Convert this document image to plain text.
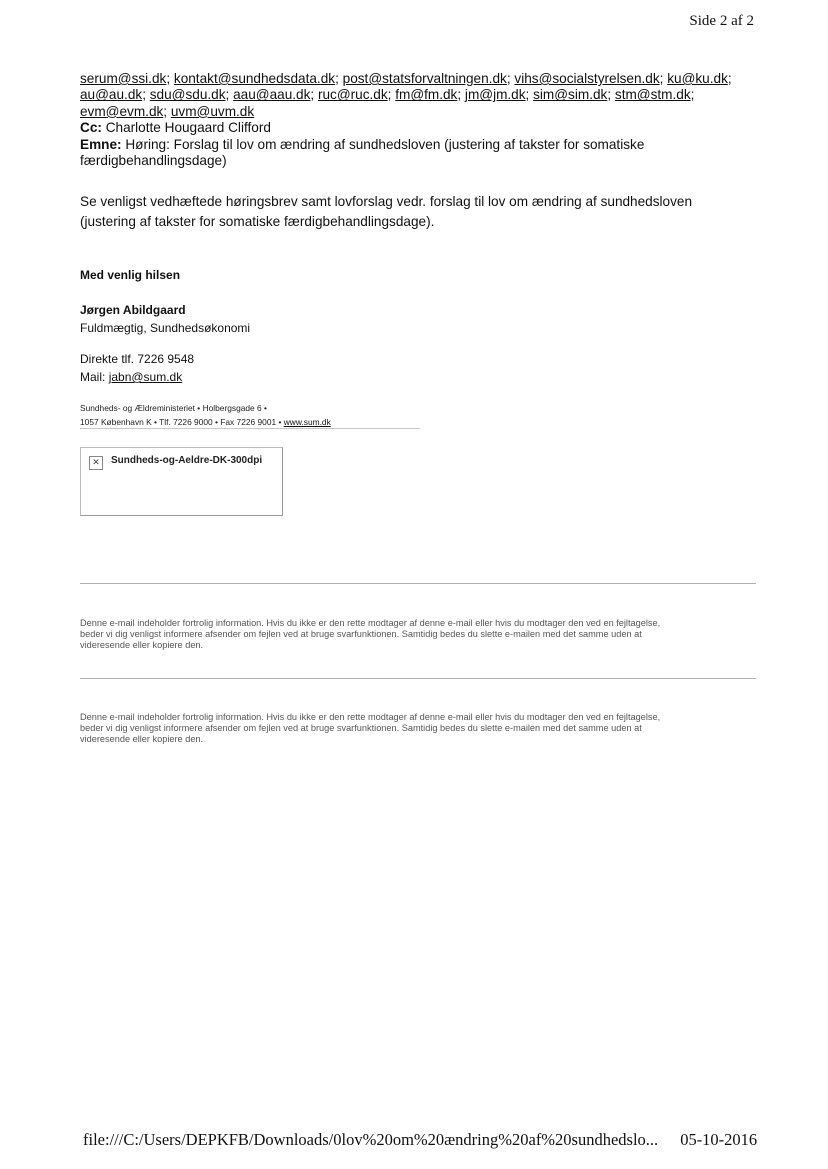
Side 2 af 2
serum@ssi.dk; kontakt@sundhedsdata.dk; post@statsforvaltningen.dk; vihs@socialstyrelsen.dk; ku@ku.dk;
au@au.dk; sdu@sdu.dk; aau@aau.dk; ruc@ruc.dk; fm@fm.dk; jm@jm.dk; sim@sim.dk; stm@stm.dk;
evm@evm.dk; uvm@uvm.dk
Cc: Charlotte Hougaard Clifford
Emne: Høring: Forslag til lov om ændring af sundhedsloven (justering af takster for somatiske
færdigbehandlingsdage)
Se venligst vedhæftede høringsbrev samt lovforslag vedr. forslag til lov om ændring af sundhedsloven
(justering af takster for somatiske færdigbehandlingsdage).
Med venlig hilsen
Jørgen Abildgaard
Fuldmægtig, Sundhedsøkonomi
Direkte tlf. 7226 9548
Mail: jabn@sum.dk
Sundheds- og Ældreministeriet • Holbergsgade 6 •
1057 København K • Tlf. 7226 9000 • Fax 7226 9001 • www.sum.dk
✕	Sundheds-og-Aeldre-DK-300dpi
Denne e-mail indeholder fortrolig information. Hvis du ikke er den rette modtager af denne e-mail eller hvis du modtager den ved en fejltagelse,
beder vi dig venligst informere afsender om fejlen ved at bruge svarfunktionen. Samtidig bedes du slette e-mailen med det samme uden at
videresende eller kopiere den.
Denne e-mail indeholder fortrolig information. Hvis du ikke er den rette modtager af denne e-mail eller hvis du modtager den ved en fejltagelse,
beder vi dig venligst informere afsender om fejlen ved at bruge svarfunktionen. Samtidig bedes du slette e-mailen med det samme uden at
videresende eller kopiere den.
file:///C:/Users/DEPKFB/Downloads/0lov%20om%20ændring%20af%20sundhedslo... 05-10-2016
